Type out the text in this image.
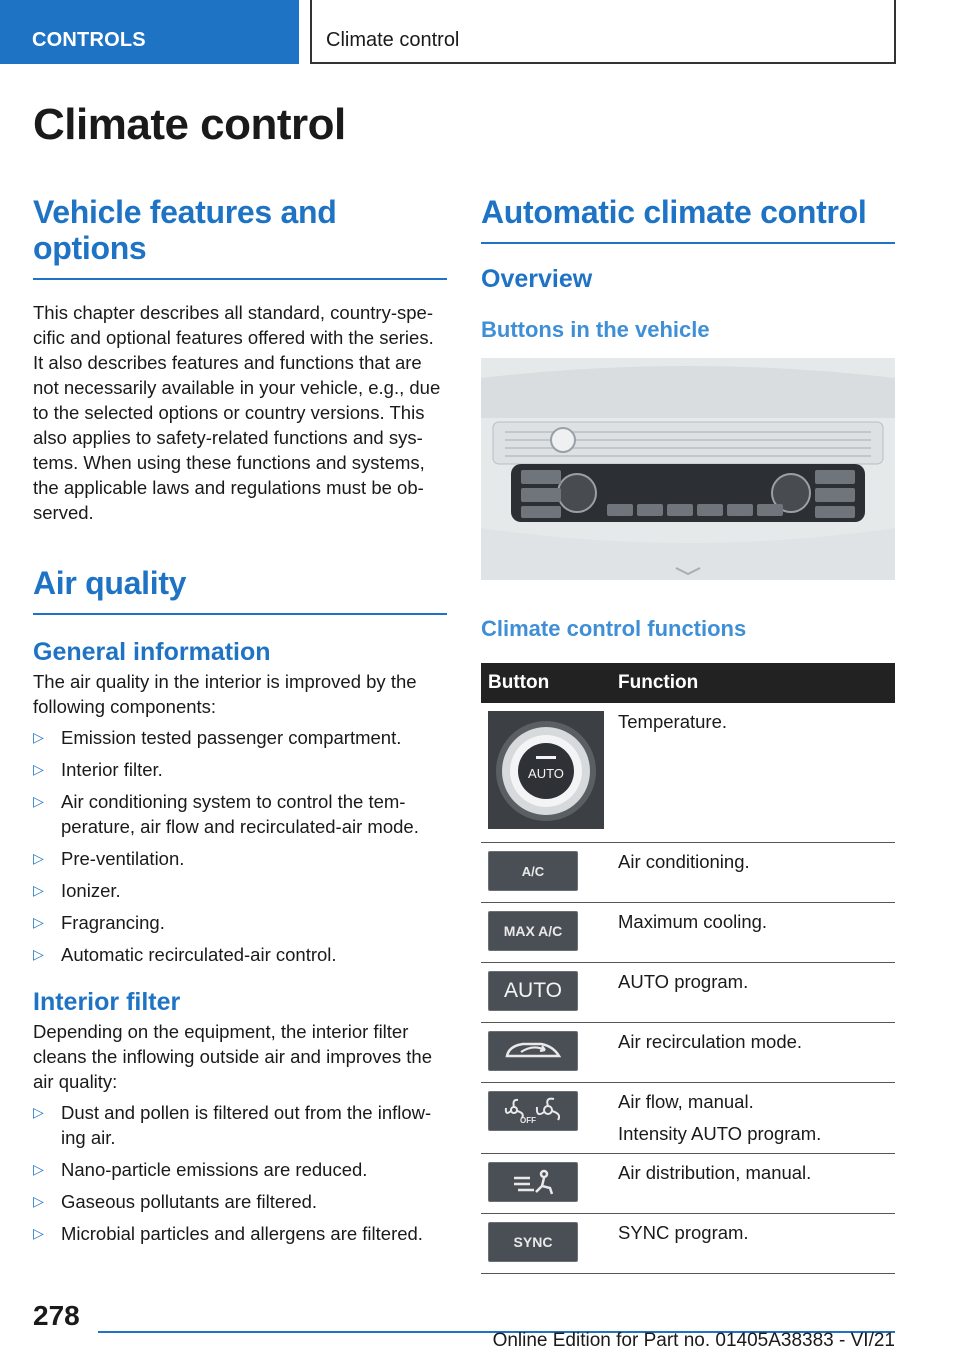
CONTROLS	Climate control
Climate control
Vehicle features and options
This chapter describes all standard, country-specific and optional features offered with the series. It also describes features and functions that are not necessarily available in your vehicle, e.g., due to the selected options or country versions. This also applies to safety-related functions and systems. When using these functions and systems, the applicable laws and regulations must be observed.
Air quality
General information
The air quality in the interior is improved by the following components:
▷ Emission tested passenger compartment.
▷ Interior filter.
▷ Air conditioning system to control the temperature, air flow and recirculated-air mode.
▷ Pre-ventilation.
▷ Ionizer.
▷ Fragrancing.
▷ Automatic recirculated-air control.
Interior filter
Depending on the equipment, the interior filter cleans the inflowing outside air and improves the air quality:
▷ Dust and pollen is filtered out from the inflowing air.
▷ Nano-particle emissions are reduced.
▷ Gaseous pollutants are filtered.
▷ Microbial particles and allergens are filtered.
Automatic climate control
Overview
Buttons in the vehicle
Climate control functions
Button	Function

AUTO	Temperature.

A/C	Air conditioning.

MAX A/C	Maximum cooling.

AUTO	AUTO program.

	Air recirculation mode.

OFF	Air flow, manual.
Intensity AUTO program.

	Air distribution, manual.

SYNC	SYNC program.
278
Online Edition for Part no. 01405A38383 - VI/21
